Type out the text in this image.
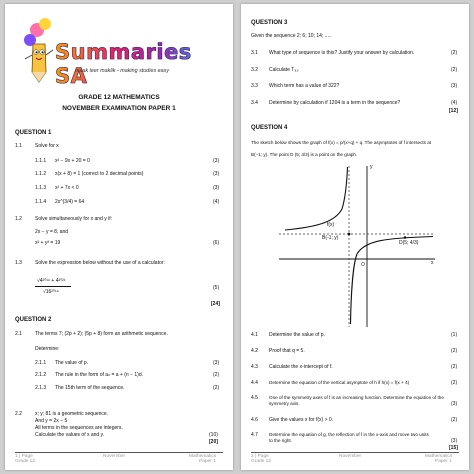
Summaries SA
maak leer maklik - making studies easy
GRADE 12 MATHEMATICS
NOVEMBER EXAMINATION PAPER 1
QUESTION 1
1.1	Solve for x
1.1.1 x² − 9x + 20 = 0	(3)
1.1.2 x(x + 8) = 1 (correct to 2 decimal points)	(3)
1.1.3 x² + 7x < 0	(3)
1.1.4 2x^(3/4) = 64	(4)
1.2	Solve simultaneously for x and y if:
2x − y = 8, and
x² + y² = 19	(6)
1.3	Solve the expression below without the use of a calculator:
√4²⁰¹⁹ + 4²⁰²¹
√16²⁰¹⁹
(5)
[24]
QUESTION 2
2.1	The terms 7; (2p + 2); (5p + 8) form an arithmetic sequence.
Determine:
2.1.1 The value of p.	(3)
2.1.2 The rule in the form of aₙ = a + (n − 1)d.	(2)
2.1.3 The 15th term of the sequence.	(2)
2.2	x; y; 81 is a geometric sequence.
And y = 2x − 5
All terms in the sequences are integers.
Calculate the values of x and y.	(10)
[20]
1 | Page	November	Mathematics
Grade 12	Paper 1
QUESTION 3
Given the sequence 2; 6; 10; 14; .....
3.1 What type of sequence is this? Justify your answer by calculation.	(2)
3.2 Calculate T₃₁.	(2)
3.3 Which term has a value of 322?	(3)
3.4 Determine by calculation if 1204 is a term in the sequence?	(4)
[12]
QUESTION 4
The sketch below shows the graph of f(x) = p/(x+q) + q. The asymptotes of f intersects at
B(−1; y). The point D (5; 4/3) is a point on the graph.
f(x)
B(-1; y)
D(5; 4/3)
O	x
y
4.1 Determine the value of p.	(1)
4.2 Proof that q = 5.	(2)
4.3 Calculate the x-intercept of f.	(2)
4.4 Determine the equation of the vertical asymptote of h if h(x) = f(x + 4)	(2)
4.5 One of the symmetry axes of f is an increasing function. Determine the equation of the
symmetry axis.	(3)
4.6 Give the values x for f(x) > 0.	(2)
4.7 Determine the equation of g, the reflection of f in the x-axis and move two units
to the right.	(3)
[15]
2 | Page	November	Mathematics
Grade 12	Paper 1
